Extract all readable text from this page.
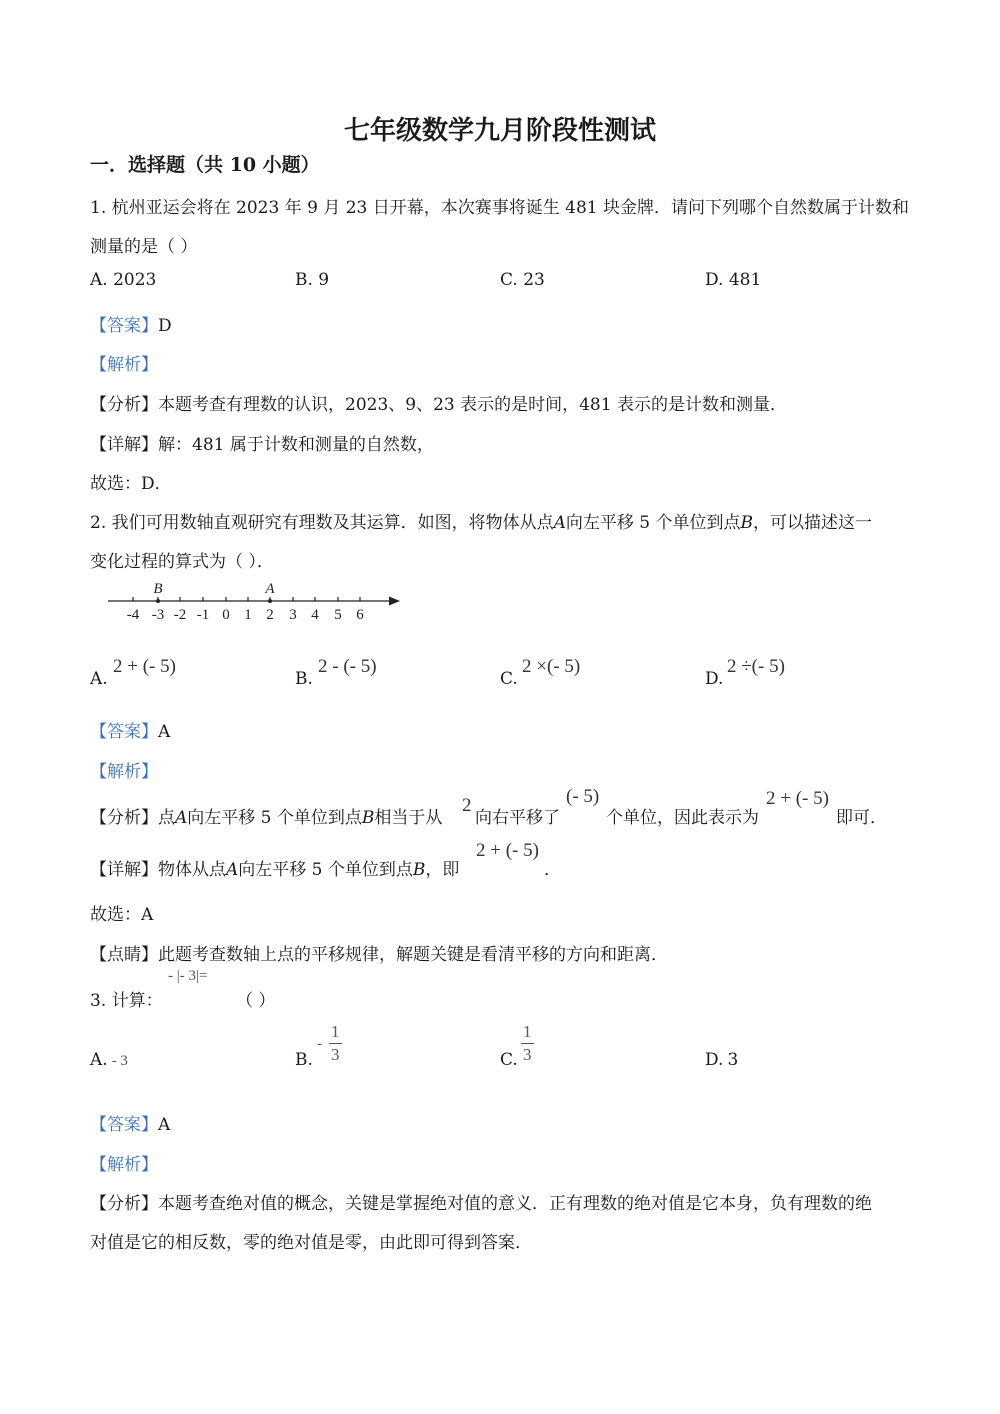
七年级数学九月阶段性测试
一．选择题（共 10 小题）
1. 杭州亚运会将在 2023 年 9 月 23 日开幕，本次赛事将诞生 481 块金牌．请问下列哪个自然数属于计数和
测量的是（ ）
A. 2023	B. 9	C. 23	D. 481
【答案】D
【解析】
【分析】本题考查有理数的认识，2023、9、23 表示的是时间，481 表示的是计数和测量．
【详解】解：481 属于计数和测量的自然数，
故选：D．
2. 我们可用数轴直观研究有理数及其运算．如图，将物体从点A向左平移 5 个单位到点B，可以描述这一
变化过程的算式为（ ）．
-4 -3 -2 -1 0 1 2 3 4 5 6
B	A
A.
2 + (- 5)
B.
2 - (- 5)
C.
2 ×(- 5)
D.
2 ÷(- 5)
【答案】A
【解析】
【分析】点A向左平移 5 个单位到点B相当于从
2
向右平移了
(- 5)
个单位，因此表示为
2 + (- 5)
即可．
【详解】物体从点A向左平移 5 个单位到点B，即
2 + (- 5)
．
故选：A
【点睛】此题考查数轴上点的平移规律，解题关键是看清平移的方向和距离．
3. 计算：
- |- 3|=
（ ）
A. - 3	B.
- $\frac{1}{3}$	C. $\frac{1}{3}$	D. 3
【答案】A
【解析】
【分析】本题考查绝对值的概念，关键是掌握绝对值的意义．正有理数的绝对值是它本身，负有理数的绝
对值是它的相反数，零的绝对值是零，由此即可得到答案．
